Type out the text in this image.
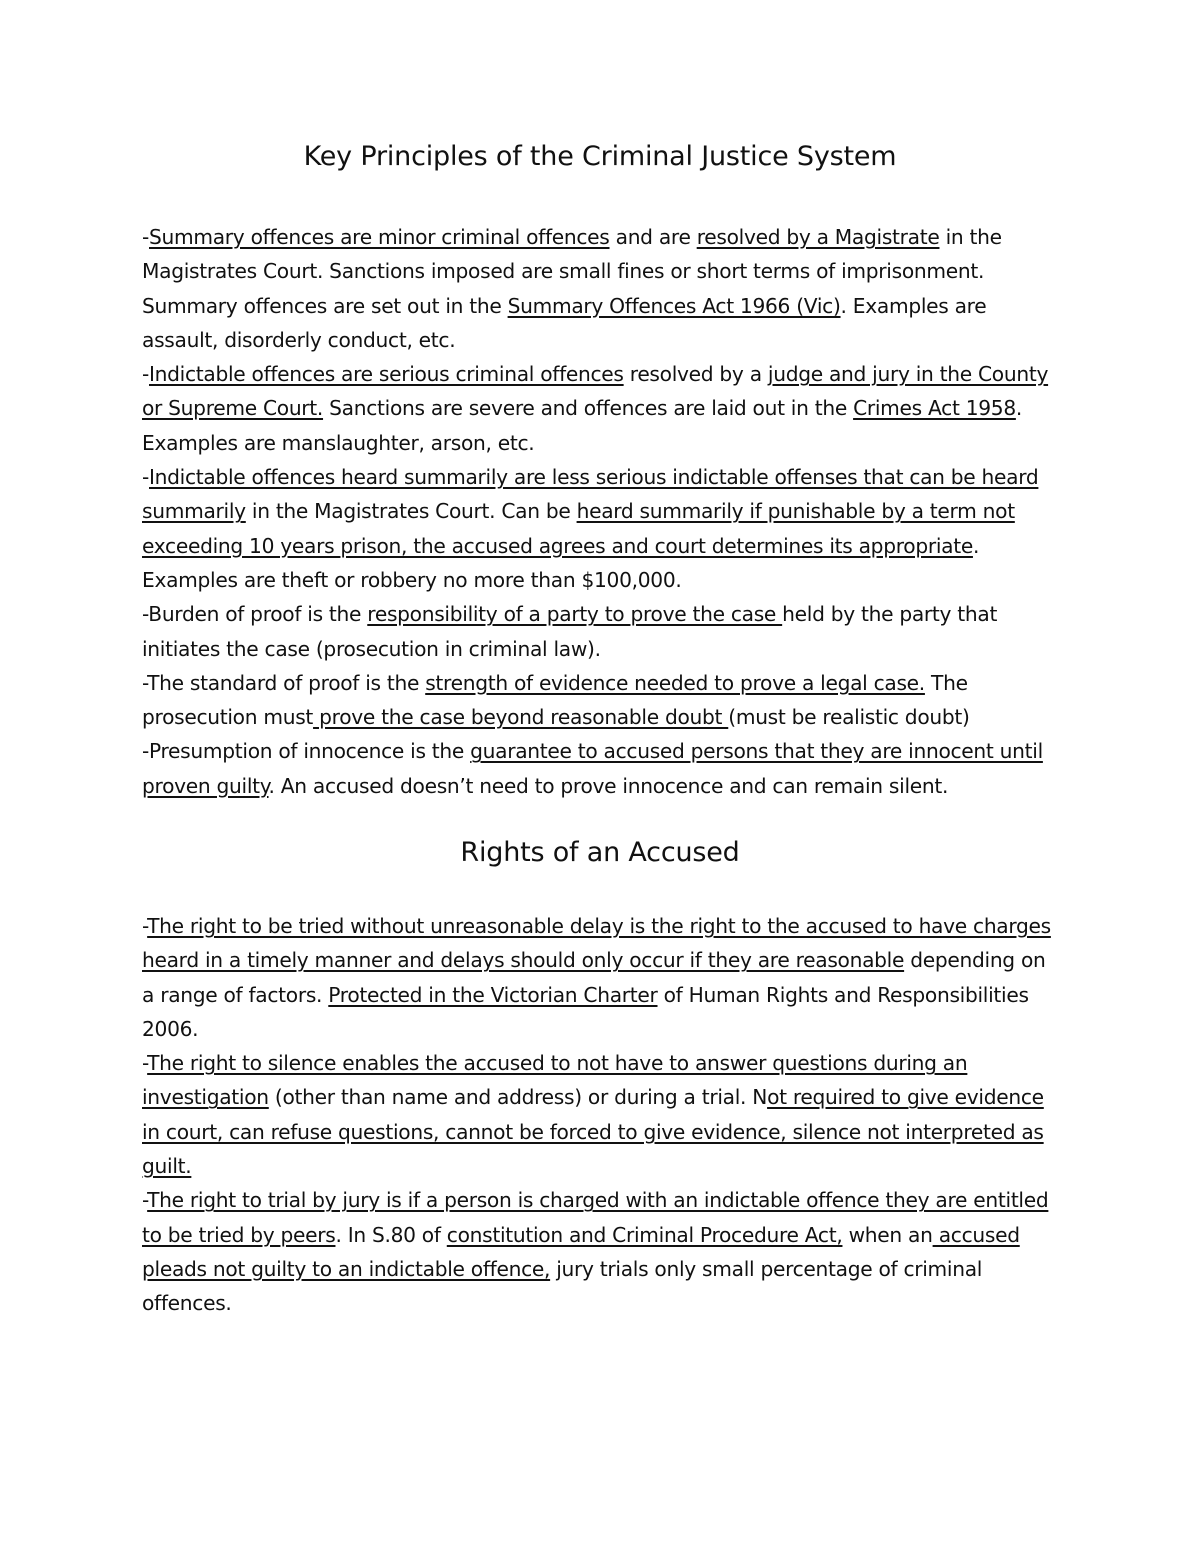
Key Principles of the Criminal Justice System

-Summary offences are minor criminal offences and are resolved by a Magistrate in the Magistrates Court. Sanctions imposed are small fines or short terms of imprisonment. Summary offences are set out in the Summary Offences Act 1966 (Vic). Examples are assault, disorderly conduct, etc.

-Indictable offences are serious criminal offences resolved by a judge and jury in the County or Supreme Court. Sanctions are severe and offences are laid out in the Crimes Act 1958. Examples are manslaughter, arson, etc.

-Indictable offences heard summarily are less serious indictable offenses that can be heard summarily in the Magistrates Court. Can be heard summarily if punishable by a term not exceeding 10 years prison, the accused agrees and court determines its appropriate. Examples are theft or robbery no more than $100,000.

-Burden of proof is the responsibility of a party to prove the case held by the party that initiates the case (prosecution in criminal law).

-The standard of proof is the strength of evidence needed to prove a legal case. The prosecution must prove the case beyond reasonable doubt (must be realistic doubt)

-Presumption of innocence is the guarantee to accused persons that they are innocent until proven guilty. An accused doesn’t need to prove innocence and can remain silent.

Rights of an Accused

-The right to be tried without unreasonable delay is the right to the accused to have charges heard in a timely manner and delays should only occur if they are reasonable depending on a range of factors. Protected in the Victorian Charter of Human Rights and Responsibilities 2006.

-The right to silence enables the accused to not have to answer questions during an investigation (other than name and address) or during a trial. Not required to give evidence in court, can refuse questions, cannot be forced to give evidence, silence not interpreted as guilt.

-The right to trial by jury is if a person is charged with an indictable offence they are entitled to be tried by peers. In S.80 of constitution and Criminal Procedure Act, when an accused pleads not guilty to an indictable offence, jury trials only small percentage of criminal offences.
